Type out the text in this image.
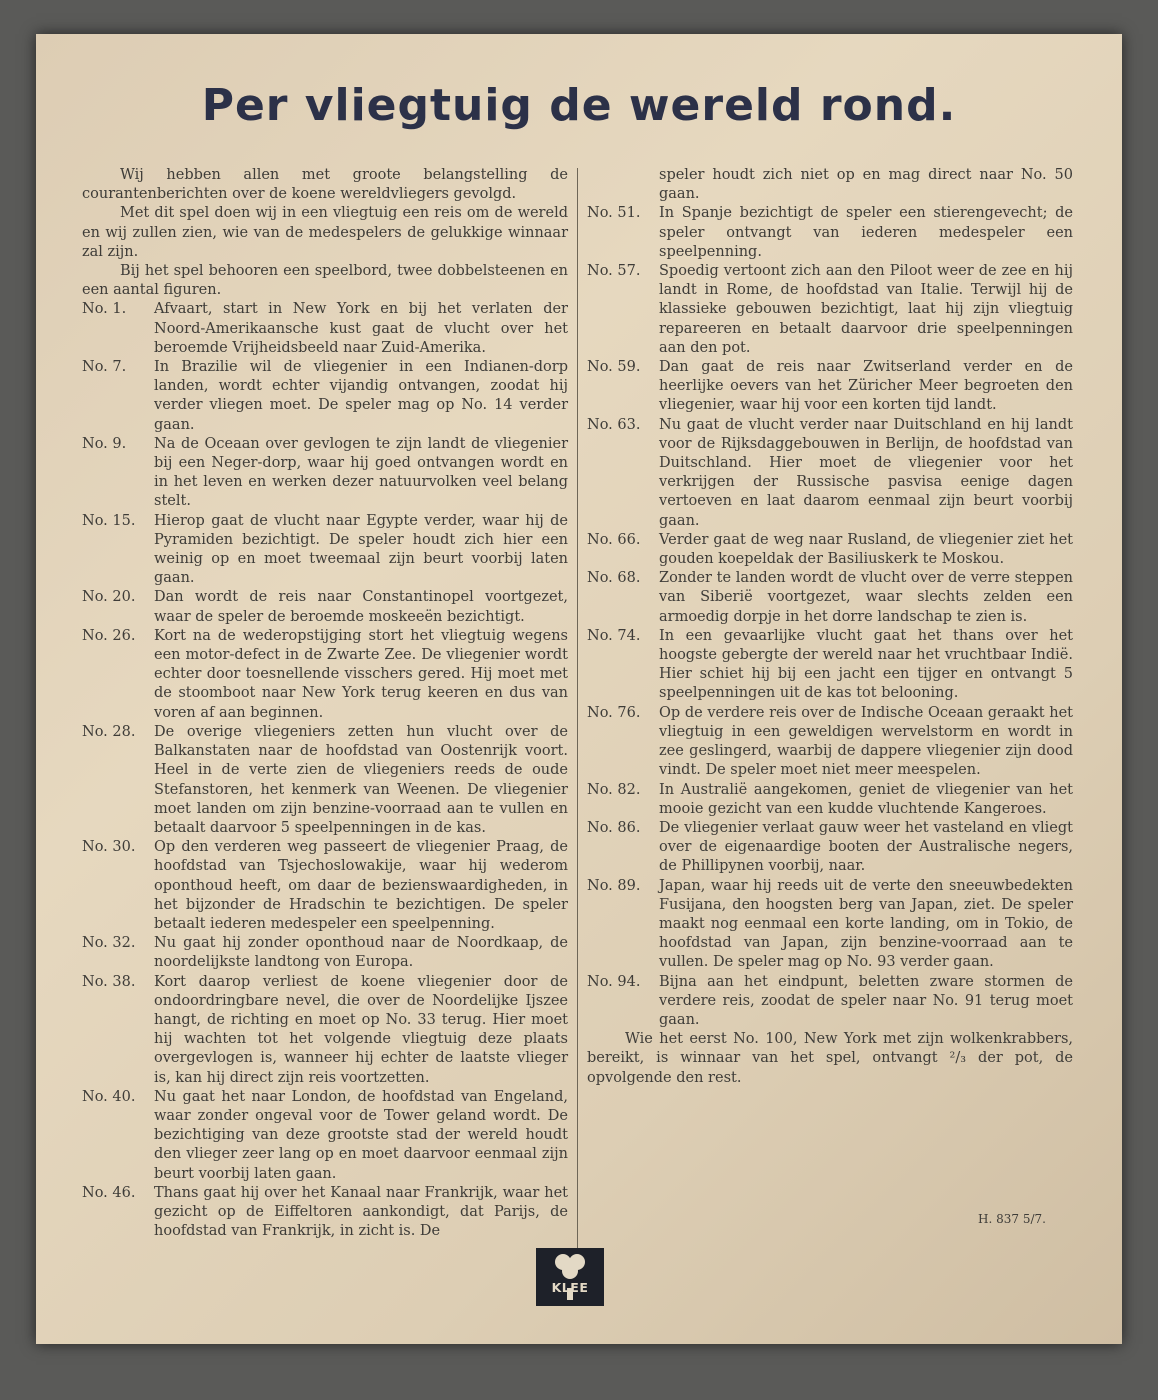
Per vliegtuig de wereld rond.
Wij hebben allen met groote belangstelling de courantenberichten over de koene wereldvliegers gevolgd.
Met dit spel doen wij in een vliegtuig een reis om de wereld en wij zullen zien, wie van de medespelers de gelukkige winnaar zal zijn.
Bij het spel behooren een speelbord, twee dobbelsteenen en een aantal figuren.
No. 1.	Afvaart, start in New York en bij het verlaten der Noord-Amerikaansche kust gaat de vlucht over het beroemde Vrijheidsbeeld naar Zuid-Amerika.
No. 7.	In Brazilie wil de vliegenier in een Indianen-dorp landen, wordt echter vijandig ontvangen, zoodat hij verder vliegen moet. De speler mag op No. 14 verder gaan.
No. 9.	Na de Oceaan over gevlogen te zijn landt de vliegenier bij een Neger-dorp, waar hij goed ontvangen wordt en in het leven en werken dezer natuurvolken veel belang stelt.
No. 15.	Hierop gaat de vlucht naar Egypte verder, waar hij de Pyramiden bezichtigt. De speler houdt zich hier een weinig op en moet tweemaal zijn beurt voorbij laten gaan.
No. 20.	Dan wordt de reis naar Constantinopel voortgezet, waar de speler de beroemde moskeeën bezichtigt.
No. 26.	Kort na de wederopstijging stort het vliegtuig wegens een motor-defect in de Zwarte Zee. De vliegenier wordt echter door toesnellende visschers gered. Hij moet met de stoomboot naar New York terug keeren en dus van voren af aan beginnen.
No. 28.	De overige vliegeniers zetten hun vlucht over de Balkanstaten naar de hoofdstad van Oostenrijk voort. Heel in de verte zien de vliegeniers reeds de oude Stefanstoren, het kenmerk van Weenen. De vliegenier moet landen om zijn benzine-voorraad aan te vullen en betaalt daarvoor 5 speelpenningen in de kas.
No. 30.	Op den verderen weg passeert de vliegenier Praag, de hoofdstad van Tsjechoslowakije, waar hij wederom oponthoud heeft, om daar de bezienswaardigheden, in het bijzonder de Hradschin te bezichtigen. De speler betaalt iederen medespeler een speelpenning.
No. 32.	Nu gaat hij zonder oponthoud naar de Noordkaap, de noordelijkste landtong von Europa.
No. 38.	Kort daarop verliest de koene vliegenier door de ondoordringbare nevel, die over de Noordelijke Ijszee hangt, de richting en moet op No. 33 terug. Hier moet hij wachten tot het volgende vliegtuig deze plaats overgevlogen is, wanneer hij echter de laatste vlieger is, kan hij direct zijn reis voortzetten.
No. 40.	Nu gaat het naar London, de hoofdstad van Engeland, waar zonder ongeval voor de Tower geland wordt. De bezichtiging van deze grootste stad der wereld houdt den vlieger zeer lang op en moet daarvoor eenmaal zijn beurt voorbij laten gaan.
No. 46.	Thans gaat hij over het Kanaal naar Frankrijk, waar het gezicht op de Eiffeltoren aankondigt, dat Parijs, de hoofdstad van Frankrijk, in zicht is. De
speler houdt zich niet op en mag direct naar No. 50 gaan.
No. 51.	In Spanje bezichtigt de speler een stierengevecht; de speler ontvangt van iederen medespeler een speelpenning.
No. 57.	Spoedig vertoont zich aan den Piloot weer de zee en hij landt in Rome, de hoofdstad van Italie. Terwijl hij de klassieke gebouwen bezichtigt, laat hij zijn vliegtuig repareeren en betaalt daarvoor drie speelpenningen aan den pot.
No. 59.	Dan gaat de reis naar Zwitserland verder en de heerlijke oevers van het Züricher Meer begroeten den vliegenier, waar hij voor een korten tijd landt.
No. 63.	Nu gaat de vlucht verder naar Duitschland en hij landt voor de Rijksdaggebouwen in Berlijn, de hoofdstad van Duitschland. Hier moet de vliegenier voor het verkrijgen der Russische pasvisa eenige dagen vertoeven en laat daarom eenmaal zijn beurt voorbij gaan.
No. 66.	Verder gaat de weg naar Rusland, de vliegenier ziet het gouden koepeldak der Basiliuskerk te Moskou.
No. 68.	Zonder te landen wordt de vlucht over de verre steppen van Siberië voortgezet, waar slechts zelden een armoedig dorpje in het dorre landschap te zien is.
No. 74.	In een gevaarlijke vlucht gaat het thans over het hoogste gebergte der wereld naar het vruchtbaar Indië. Hier schiet hij bij een jacht een tijger en ontvangt 5 speelpenningen uit de kas tot belooning.
No. 76.	Op de verdere reis over de Indische Oceaan geraakt het vliegtuig in een geweldigen wervelstorm en wordt in zee geslingerd, waarbij de dappere vliegenier zijn dood vindt. De speler moet niet meer meespelen.
No. 82.	In Australië aangekomen, geniet de vliegenier van het mooie gezicht van een kudde vluchtende Kangeroes.
No. 86.	De vliegenier verlaat gauw weer het vasteland en vliegt over de eigenaardige booten der Australische negers, de Phillipynen voorbij, naar.
No. 89.	Japan, waar hij reeds uit de verte den sneeuwbedekten Fusijana, den hoogsten berg van Japan, ziet. De speler maakt nog eenmaal een korte landing, om in Tokio, de hoofdstad van Japan, zijn benzine-voorraad aan te vullen. De speler mag op No. 93 verder gaan.
No. 94.	Bijna aan het eindpunt, beletten zware stormen de verdere reis, zoodat de speler naar No. 91 terug moet gaan.
Wie het eerst No. 100, New York met zijn wolkenkrabbers, bereikt, is winnaar van het spel, ontvangt ²/₃ der pot, de opvolgende den rest.
H. 837 5/7.
KLEE
